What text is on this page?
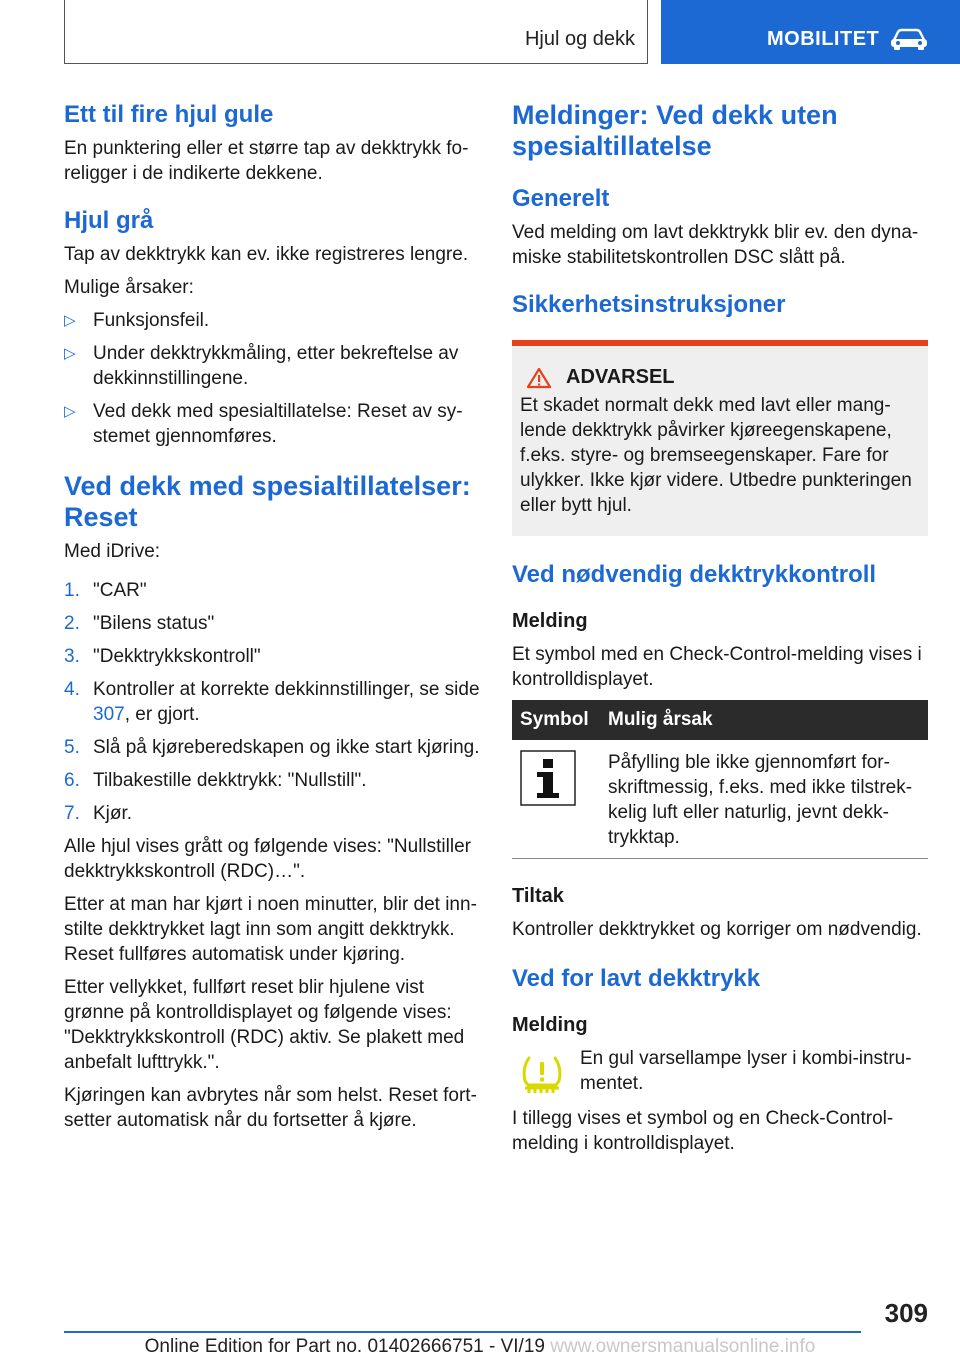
Hjul og dekk	MOBILITET
Ett til fire hjul gule

En punktering eller et større tap av dekktrykk foreligger i de indikerte dekkene.

Hjul grå

Tap av dekktrykk kan ev. ikke registreres lengre.

Mulige årsaker:

▷ Funksjonsfeil.
▷ Under dekktrykkmåling, etter bekreftelse av dekkinnstillingene.
▷ Ved dekk med spesialtillatelse: Reset av systemet gjennomføres.
Ved dekk med spesialtillatelser: Reset

Med iDrive:

1. "CAR"
2. "Bilens status"
3. "Dekktrykkskontroll"
4. Kontroller at korrekte dekkinnstillinger, se side 307, er gjort.
5. Slå på kjøreberedskapen og ikke start kjøring.
6. Tilbakestille dekktrykk: "Nullstill".
7. Kjør.

Alle hjul vises grått og følgende vises: "Nullstiller dekktrykkskontroll (RDC)…".

Etter at man har kjørt i noen minutter, blir det innstilte dekktrykket lagt inn som angitt dekktrykk. Reset fullføres automatisk under kjøring.

Etter vellykket, fullført reset blir hjulene vist grønne på kontrolldisplayet og følgende vises: "Dekktrykkskontroll (RDC) aktiv. Se plakett med anbefalt lufttrykk.".

Kjøringen kan avbrytes når som helst. Reset fortsetter automatisk når du fortsetter å kjøre.

Meldinger: Ved dekk uten spesialtillatelse
Generelt

Ved melding om lavt dekktrykk blir ev. den dynamiske stabilitetskontrollen DSC slått på.

Sikkerhetsinstruksjoner
ADVARSEL

Et skadet normalt dekk med lavt eller manglende dekktrykk påvirker kjøreegenskapene, f.eks. styre- og bremseegenskaper. Fare for ulykker. Ikke kjør videre. Utbedre punkteringen eller bytt hjul.

Ved nødvendig dekktrykkontroll
Melding

Et symbol med en Check-Control-melding vises i kontrolldisplayet.

Symbol	Mulig årsak
	Påfylling ble ikke gjennomført forskriftmessig, f.eks. med ikke tilstrekkelig luft eller naturlig, jevnt dekktrykktap.
Tiltak

Kontroller dekktrykket og korriger om nødvendig.

Ved for lavt dekktrykk
Melding

En gul varsellampe lyser i kombi-instrumentet.

I tillegg vises et symbol og en Check-Control-melding i kontrolldisplayet.

309
Online Edition for Part no. 01402666751 - VI/19 www.ownersmanualsonline.info
